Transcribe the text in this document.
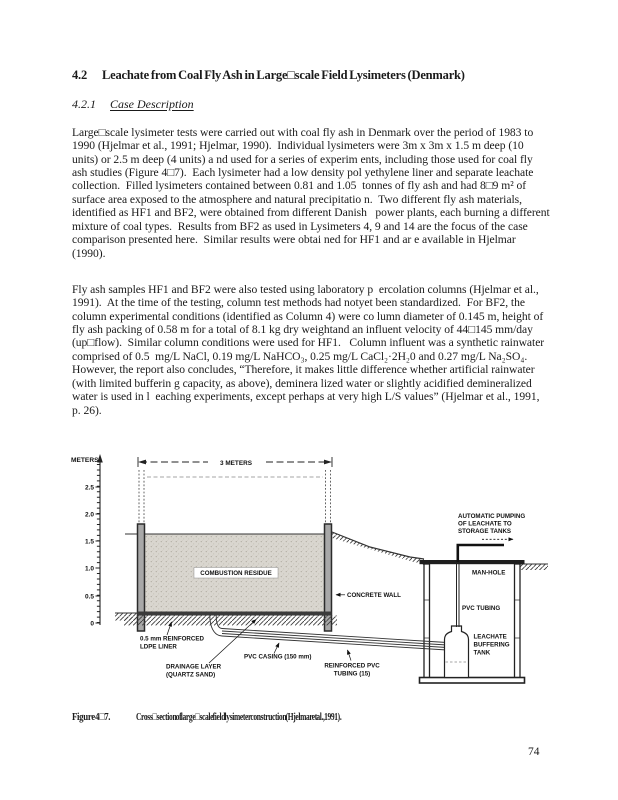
4.2 Leachate from Coal Fly Ash in Large□scale Field Lysimeters (Denmark)
4.2.1 Case Description

Large□scale lysimeter tests were carried out with coal fly ash in Denmark over the period of 1983 to 1990 (Hjelmar et al., 1991; Hjelmar, 1990).  Individual lysimeters were 3m x 3m x 1.5 m deep (10 units) or 2.5 m deep (4 units) a nd used for a series of experim ents, including those used for coal fly ash studies (Figure 4□7).  Each lysimeter had a low density pol yethylene liner and separate leachate collection.  Filled lysimeters contained between 0.81 and 1.05  tonnes of fly ash and had 8□9 m² of surface area exposed to the atmosphere and natural precipitatio n.  Two different fly ash materials, identified as HF1 and BF2, were obtained from different Danish   power plants, each burning a different mixture of coal types.  Results from BF2 as used in Lysimeters 4, 9 and 14 are the focus of the case comparison presented here.  Similar results were obtai ned for HF1 and ar e available in Hjelmar (1990).

Fly ash samples HF1 and BF2 were also tested using laboratory p  ercolation columns (Hjelmar et al., 1991).  At the time of the testing, column test methods had notyet been standardized.  For BF2, the column experimental conditions (identified as Column 4) were co lumn diameter of 0.145 m, height of fly ash packing of 0.58 m for a total of 8.1 kg dry weightand an influent velocity of 44□145 mm/day (up□flow).  Similar column conditions were used for HF1.   Column influent was a synthetic rainwater comprised of 0.5  mg/L NaCl, 0.19 mg/L NaHCO₃, 0.25 mg/L CaCl₂·2H₂0 and 0.27 mg/L Na₂SO₄.  However, the report also concludes, “Therefore, it makes little difference whether artificial rainwater (with limited bufferin g capacity, as above), deminera lized water or slightly acidified demineralized water is used in l  eaching experiments, except perhaps at very high L/S values” (Hjelmar et al., 1991, p. 26).

METERS
2.5
2.0
1.5
1.0
0.5
0
3 METERS
COMBUSTION RESIDUE
AUTOMATIC PUMPING
OF LEACHATE TO
STORAGE TANKS
MAN-HOLE
PVC TUBING
LEACHATE
BUFFERING
TANK
CONCRETE WALL
0.5 mm REINFORCED
LDPE LINER
DRAINAGE LAYER
(QUARTZ SAND)
PVC CASING (150 mm)
REINFORCED PVC
TUBING (15)
Figure 4□7. Cross□section of large□scale field lysimeter construction (Hjelmar et al., 1991).
74
